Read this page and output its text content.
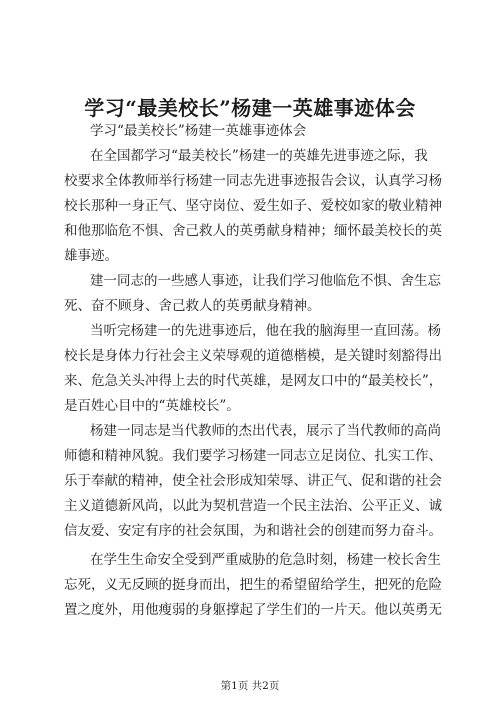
学习“最美校长”杨建一英雄事迹体会
学习“最美校长”杨建一英雄事迹体会
在全国都学习“最美校长”杨建一的英雄先进事迹之际，我
校要求全体教师举行杨建一同志先进事迹报告会议，认真学习杨
校长那种一身正气、坚守岗位、爱生如子、爱校如家的敬业精神
和他那临危不惧、舍己救人的英勇献身精神；缅怀最美校长的英
雄事迹。
建一同志的一些感人事迹，让我们学习他临危不惧、舍生忘
死、奋不顾身、舍己救人的英勇献身精神。
当听完杨建一的先进事迹后，他在我的脑海里一直回荡。杨
校长是身体力行社会主义荣辱观的道德楷模，是关键时刻豁得出
来、危急关头冲得上去的时代英雄，是网友口中的“最美校长”，
是百姓心目中的“英雄校长”。
杨建一同志是当代教师的杰出代表，展示了当代教师的高尚
师德和精神风貌。我们要学习杨建一同志立足岗位、扎实工作、
乐于奉献的精神，使全社会形成知荣辱、讲正气、促和谐的社会
主义道德新风尚，以此为契机营造一个民主法治、公平正义、诚
信友爱、安定有序的社会氛围，为和谐社会的创建而努力奋斗。
在学生生命安全受到严重威胁的危急时刻，杨建一校长舍生
忘死，义无反顾的挺身而出，把生的希望留给学生，把死的危险
置之度外，用他瘦弱的身躯撑起了学生们的一片天。他以英勇无
第1页 共2页
